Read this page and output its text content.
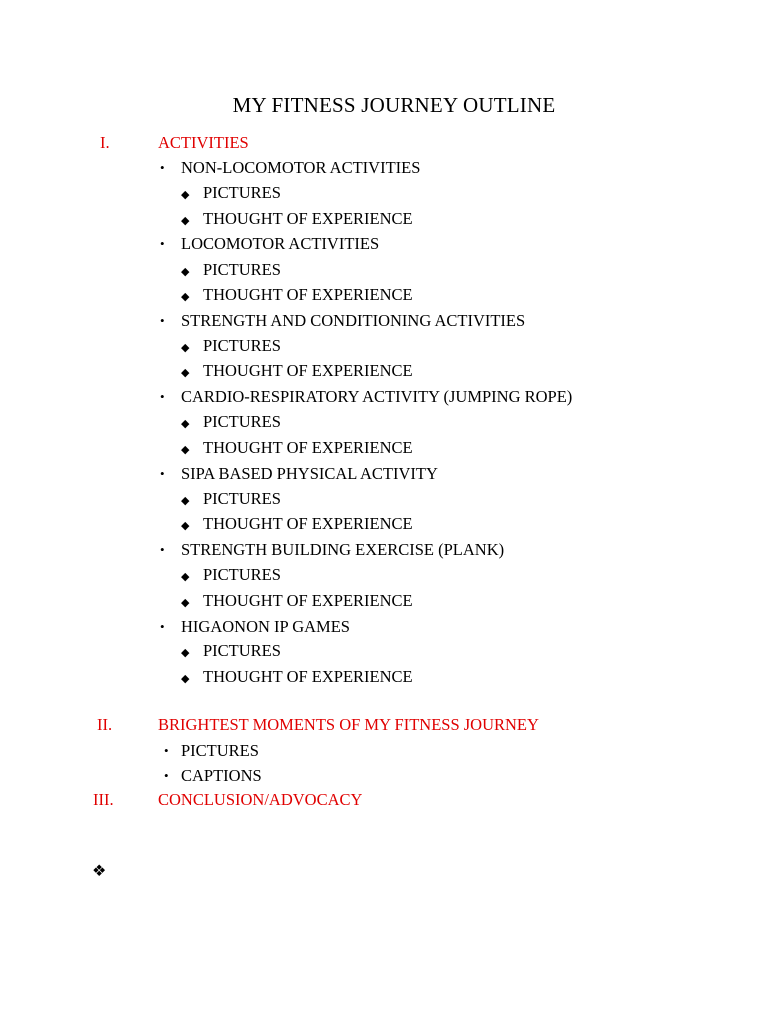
MY FITNESS JOURNEY OUTLINE
I.	ACTIVITIES
• NON-LOCOMOTOR ACTIVITIES
◆ PICTURES
◆ THOUGHT OF EXPERIENCE
• LOCOMOTOR ACTIVITIES
◆ PICTURES
◆ THOUGHT OF EXPERIENCE
• STRENGTH AND CONDITIONING ACTIVITIES
◆ PICTURES
◆ THOUGHT OF EXPERIENCE
• CARDIO-RESPIRATORY ACTIVITY (JUMPING ROPE)
◆ PICTURES
◆ THOUGHT OF EXPERIENCE
• SIPA BASED PHYSICAL ACTIVITY
◆ PICTURES
◆ THOUGHT OF EXPERIENCE
• STRENGTH BUILDING EXERCISE (PLANK)
◆ PICTURES
◆ THOUGHT OF EXPERIENCE
• HIGAONON IP GAMES
◆ PICTURES
◆ THOUGHT OF EXPERIENCE
II.	BRIGHTEST MOMENTS OF MY FITNESS JOURNEY
• PICTURES
• CAPTIONS
III.	CONCLUSION/ADVOCACY
❖
